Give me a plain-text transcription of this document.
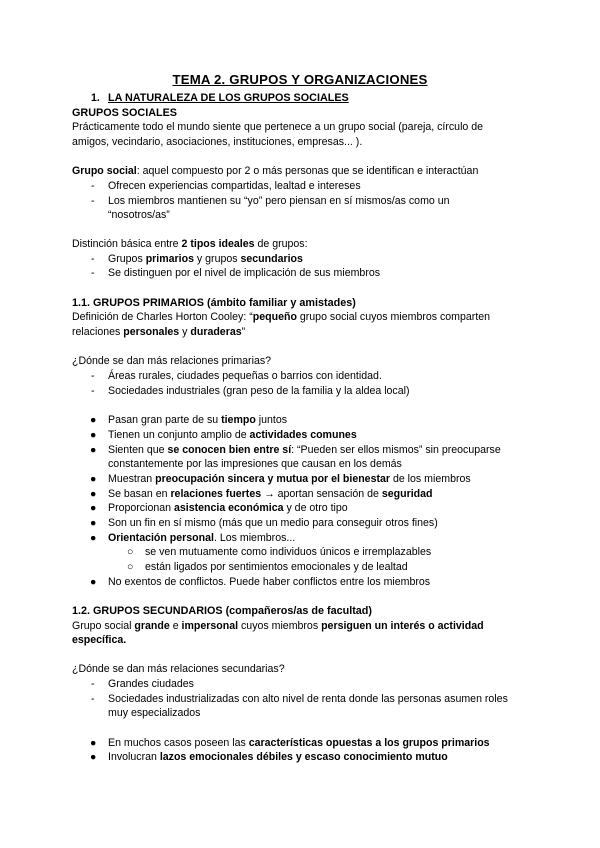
TEMA 2. GRUPOS Y ORGANIZACIONES
1. LA NATURALEZA DE LOS GRUPOS SOCIALES
GRUPOS SOCIALES
Prácticamente todo el mundo siente que pertenece a un grupo social (pareja, círculo de
amigos, vecindario, asociaciones, instituciones, empresas... ).
Grupo social: aquel compuesto por 2 o más personas que se identifican e interactúan
- Ofrecen experiencias compartidas, lealtad e intereses
- Los miembros mantienen su “yo” pero piensan en sí mismos/as como un
“nosotros/as”
Distinción básica entre 2 tipos ideales de grupos:
- Grupos primarios y grupos secundarios
- Se distinguen por el nivel de implicación de sus miembros
1.1. GRUPOS PRIMARIOS (ámbito familiar y amistades)
Definición de Charles Horton Cooley: “pequeño grupo social cuyos miembros comparten
relaciones personales y duraderas”
¿Dónde se dan más relaciones primarias?
- Áreas rurales, ciudades pequeñas o barrios con identidad.
- Sociedades industriales (gran peso de la familia y la aldea local)
● Pasan gran parte de su tiempo juntos
● Tienen un conjunto amplio de actividades comunes
● Sienten que se conocen bien entre sí: “Pueden ser ellos mismos” sin preocuparse
constantemente por las impresiones que causan en los demás
● Muestran preocupación sincera y mutua por el bienestar de los miembros
● Se basan en relaciones fuertes → aportan sensación de seguridad
● Proporcionan asistencia económica y de otro tipo
● Son un fin en sí mismo (más que un medio para conseguir otros fines)
● Orientación personal. Los miembros...
○ se ven mutuamente como individuos únicos e irremplazables
○ están ligados por sentimientos emocionales y de lealtad
● No exentos de conflictos. Puede haber conflictos entre los miembros
1.2. GRUPOS SECUNDARIOS (compañeros/as de facultad)
Grupo social grande e impersonal cuyos miembros persiguen un interés o actividad
específica.
¿Dónde se dan más relaciones secundarias?
- Grandes ciudades
- Sociedades industrializadas con alto nivel de renta donde las personas asumen roles
muy especializados
● En muchos casos poseen las características opuestas a los grupos primarios
● Involucran lazos emocionales débiles y escaso conocimiento mutuo
